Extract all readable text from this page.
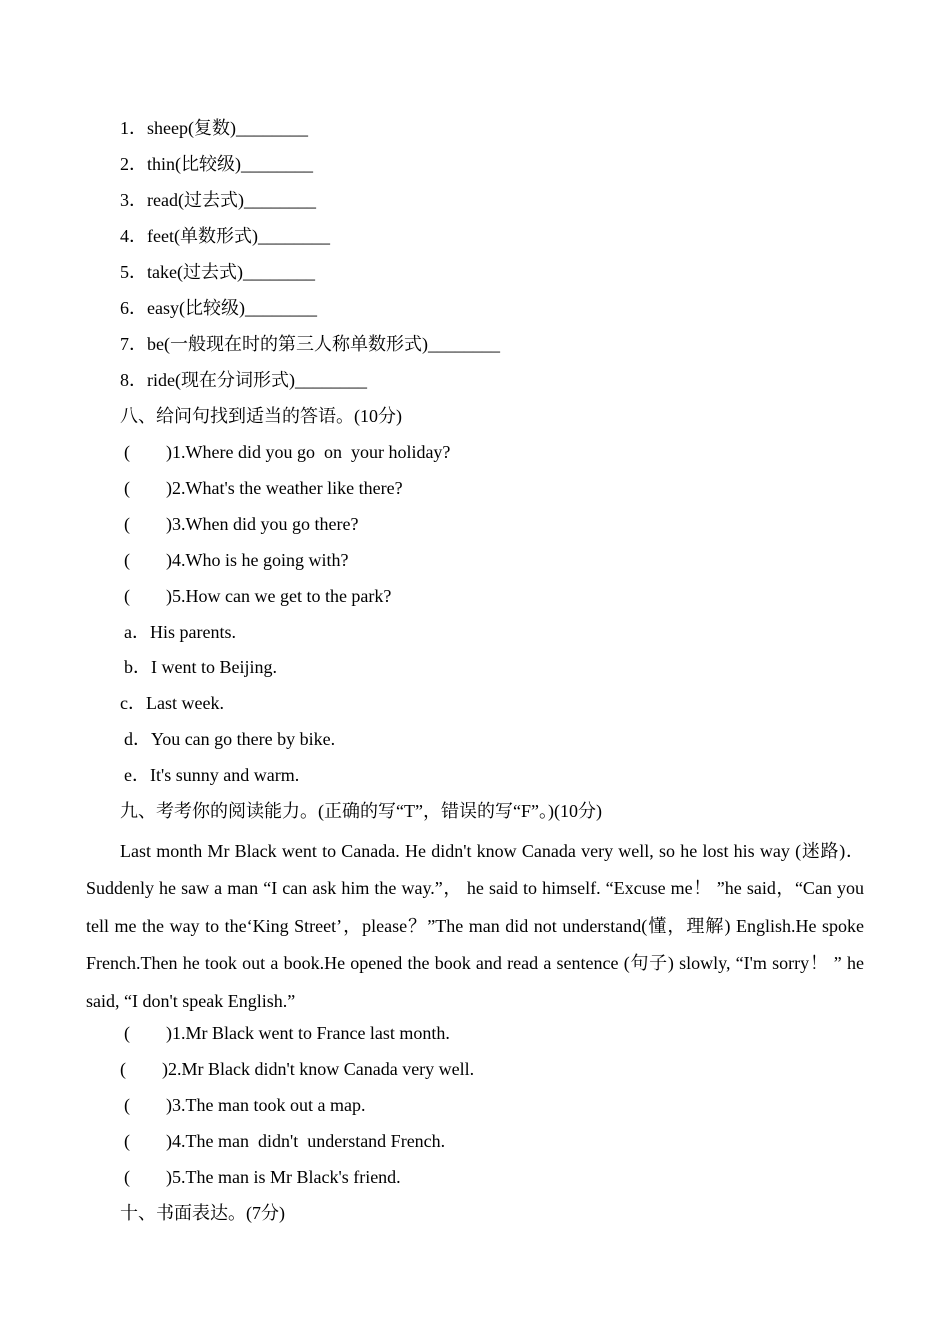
1．sheep(复数)________
2．thin(比较级)________
3．read(过去式)________
4．feet(单数形式)________
5．take(过去式)________
6．easy(比较级)________
7．be(一般现在时的第三人称单数形式)________
8．ride(现在分词形式)________
八、给问句找到适当的答语。(10分)
(　　)1.Where did you go  on  your holiday?
(　　)2.What's the weather like there?
(　　)3.When did you go there?
(　　)4.Who is he going with?
(　　)5.How can we get to the park?
a．His parents.
b．I went to Beijing.
c．Last week.
d．You can go there by bike.
e．It's sunny and warm.
九、考考你的阅读能力。(正确的写“T”，错误的写“F”。)(10分)
Last month Mr Black went to Canada. He didn't know Canada very well, so he lost his way (迷路)．Suddenly he saw a man “I can ask him the way.”， he said to himself. “Excuse me！ ”he said，“Can you tell me the way to the‘King Street’，please？”The man did not understand(懂，理解) English.He spoke French.Then he took out a book.He opened the book and read a sentence (句子) slowly, “I'm sorry！ ” he said, “I don't speak English.”
(　　)1.Mr Black went to France last month.
(　　)2.Mr Black didn't know Canada very well.
(　　)3.The man took out a map.
(　　)4.The man  didn't  understand French.
(　　)5.The man is Mr Black's friend.
十、书面表达。(7分)
